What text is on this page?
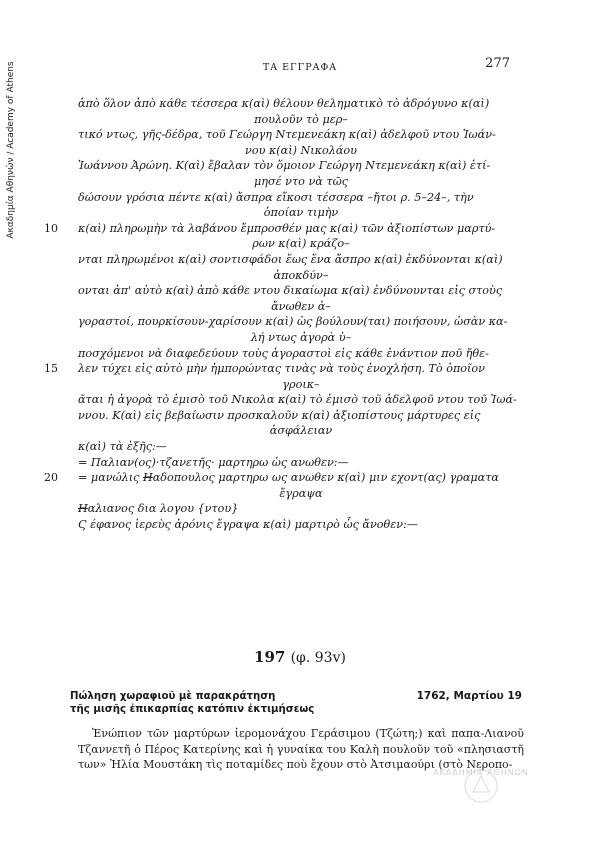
Ακαδημία Αθηνών / Academy of Athens	ΤΑ ΕΓΓΡΑΦΑ	277
ἀπὸ ὅλον ἀπὸ κάθε τέσσερα κ(αὶ) θέλουν θεληματικὸ τὸ ἀδρόγυνο κ(αὶ)
πουλοῦν τὸ μερ–
τικό ντως, γῆς-δέδρα, τοῦ Γεώργη Ντεμενεάκη κ(αὶ) ἀδελφοῦ ντου Ἰωάν-
νου κ(αὶ) Νικολάου
Ἰωάννου Ἀρώνη. Κ(αὶ) ἔβαλαν τὸν ὅμοιον Γεώργη Ντεμενεάκη κ(αὶ) ἐτί-
μησέ ντο νὰ τῶς
δώσουν γρόσια πέντε κ(αὶ) ἄσπρα εἴκοσι τέσσερα –ἤτοι ρ. 5–24–, τὴν
ὁποίαν τιμὴν
10 κ(αὶ) πληρωμὴν τὰ λαβάνου ἔμπροσθέν μας κ(αὶ) τῶν ἀξιοπίστων μαρτύ-
ρων κ(αὶ) κράζο–
νται πληρωμένοι κ(αὶ) σοντισφάδοι ἕως ἕνα ἄσπρο κ(αὶ) ἐκδύνονται κ(αὶ)
ἀποκδύν–
ονται ἀπ' αὐτὸ κ(αὶ) ἀπὸ κάθε ντου δικαίωμα κ(αὶ) ἐνδύνουνται εἰς στοὺς
ἄνωθεν ἀ–
γοραστοί, πουρκίσουν-χαρίσουν κ(αὶ) ὡς βούλουν(ται) ποιήσουν, ὡσὰν κα-
λή ντως ἀγορὰ ὑ–
ποσχόμενοι νὰ διαφεδεύουν τοὺς ἀγοραστοὶ εἰς κάθε ἐνάντιον ποῦ ἤθε-
15 λεν τύχει εἰς αὐτὸ μὴν ἠμπορώντας τινὰς νὰ τοὺς ἐνοχλήση. Τὸ ὁποῖον
γροικ–
ᾶται ἡ ἀγορὰ τὸ ἐμισὸ τοῦ Νικολα κ(αὶ) τὸ ἐμισὸ τοῦ ἀδελφοῦ ντου τοῦ Ἰωά-
ννου. Κ(αὶ) εἰς βεβαίωσιν προσκαλοῦν κ(αὶ) ἀξιοπίστους μάρτυρες εἰς
ἀσφάλειαν
κ(αὶ) τὰ ἑξῆς:—
= Παλιαν(ος)·τζανετῆς· μαρτηρω ὡς ανωθεν:—
20 = μανώλις Ηαδοπουλος μαρτηρω ως ανωθεν κ(αὶ) μιν εχοντ(ας) γραματα
ἔγραψα
Ηαλιανος δια λογου {ντου}
Ϛ έφανος ἱερεὺς ἀρόνις ἔγραψα κ(αὶ) μαρτιρὸ ὧς ἄνοθεν:—
197 (φ. 93v)
Πώληση χωραφιοῦ μὲ παρακράτηση
τῆς μισῆς ἐπικαρπίας κατόπιν ἐκτιμήσεως
1762, Μαρτίου 19

Ἐνώπιον τῶν μαρτύρων ἱερομονάχου Γεράσιμου (Τζώτη;) καὶ παπα-Λιανοῦ Τζαννετῆ ὁ Πέρος Κατερίνης καὶ ἡ γυναίκα του Καλὴ πουλοῦν τοῦ «πλησιαστῆ των» Ἠλία Μουστάκη τὶς ποταμίδες ποὺ ἔχουν στὸ Ἀτσιμαούρι (στὸ Νεροπο-

ΑΚΑΔΗΜΙΑ ΑΘΗΝΩΝ
